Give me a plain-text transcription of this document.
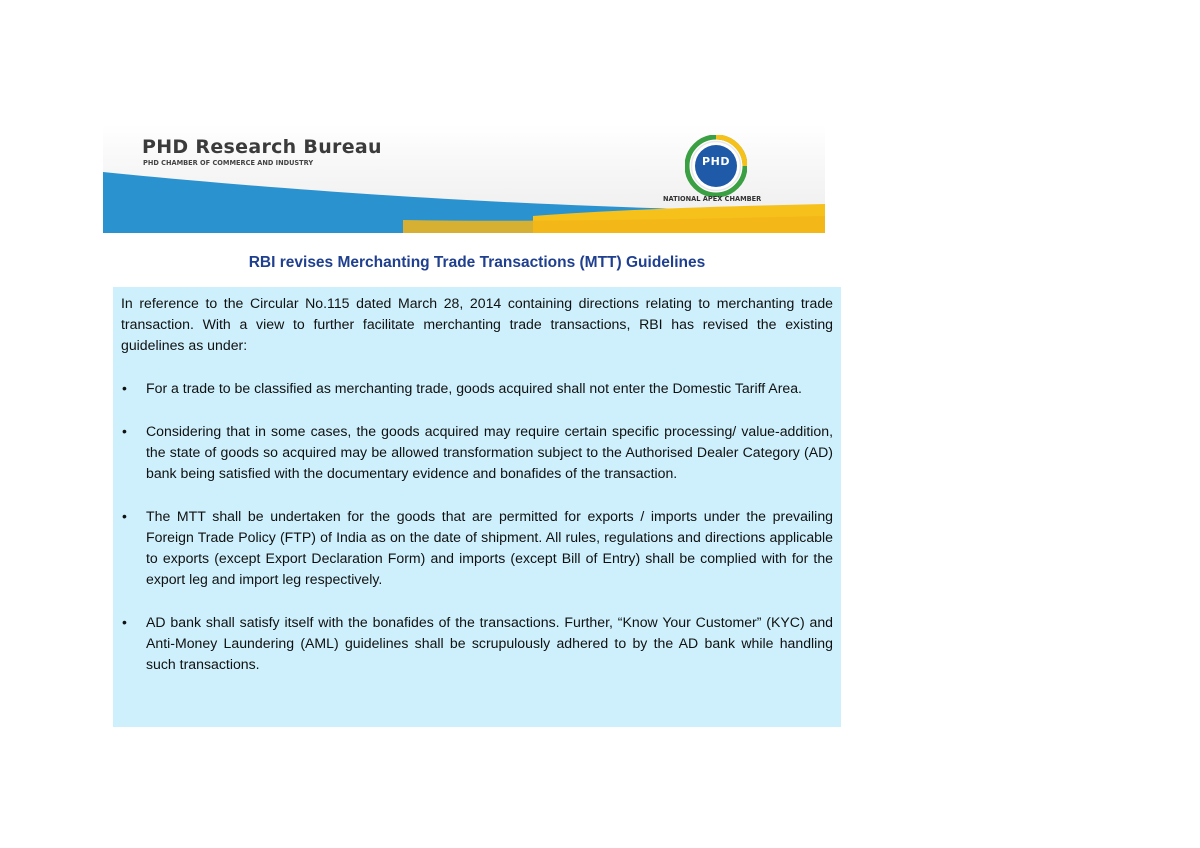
PHD Research Bureau
PHD CHAMBER OF COMMERCE AND INDUSTRY	PHD
NATIONAL APEX CHAMBER
RBI revises Merchanting Trade Transactions (MTT) Guidelines

In reference to the Circular No.115 dated March 28, 2014 containing directions relating to merchanting trade transaction. With a view to further facilitate merchanting trade transactions, RBI has revised the existing guidelines as under:

• For a trade to be classified as merchanting trade, goods acquired shall not enter the Domestic Tariff Area.
• Considering that in some cases, the goods acquired may require certain specific processing/ value-addition, the state of goods so acquired may be allowed transformation subject to the Authorised Dealer Category (AD) bank being satisfied with the documentary evidence and bonafides of the transaction.
• The MTT shall be undertaken for the goods that are permitted for exports / imports under the prevailing Foreign Trade Policy (FTP) of India as on the date of shipment. All rules, regulations and directions applicable to exports (except Export Declaration Form) and imports (except Bill of Entry) shall be complied with for the export leg and import leg respectively.
• AD bank shall satisfy itself with the bonafides of the transactions. Further, “Know Your Customer” (KYC) and Anti-Money Laundering (AML) guidelines shall be scrupulously adhered to by the AD bank while handling such transactions.
